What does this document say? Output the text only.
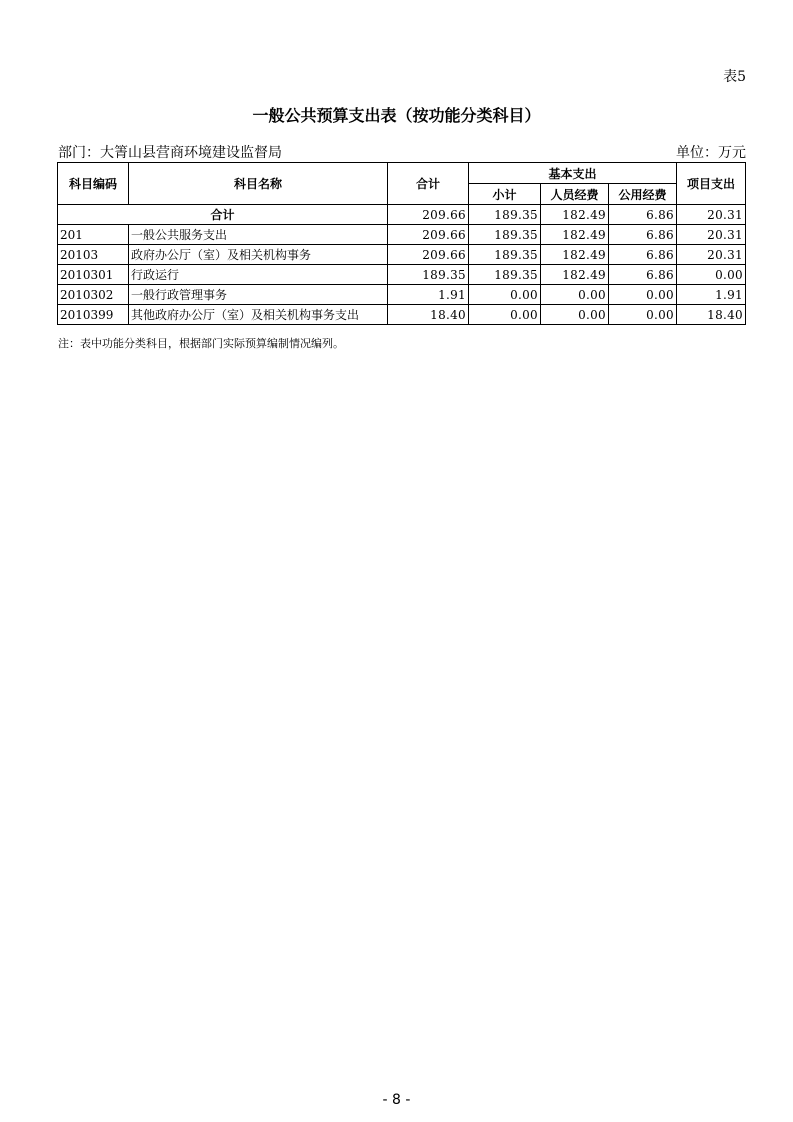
表5
一般公共预算支出表（按功能分类科目）
部门：大箐山县营商环境建设监督局	单位：万元
科目编码	科目名称	合计	基本支出			项目支出
			小计	人员经费	公用经费	
合计		209.66	189.35	182.49	6.86	20.31
201	一般公共服务支出	209.66	189.35	182.49	6.86	20.31
20103	政府办公厅（室）及相关机构事务	209.66	189.35	182.49	6.86	20.31
2010301	行政运行	189.35	189.35	182.49	6.86	0.00
2010302	一般行政管理事务	1.91	0.00	0.00	0.00	1.91
2010399	其他政府办公厅（室）及相关机构事务支出	18.40	0.00	0.00	0.00	18.40
注：表中功能分类科目，根据部门实际预算编制情况编列。
- 8 -
